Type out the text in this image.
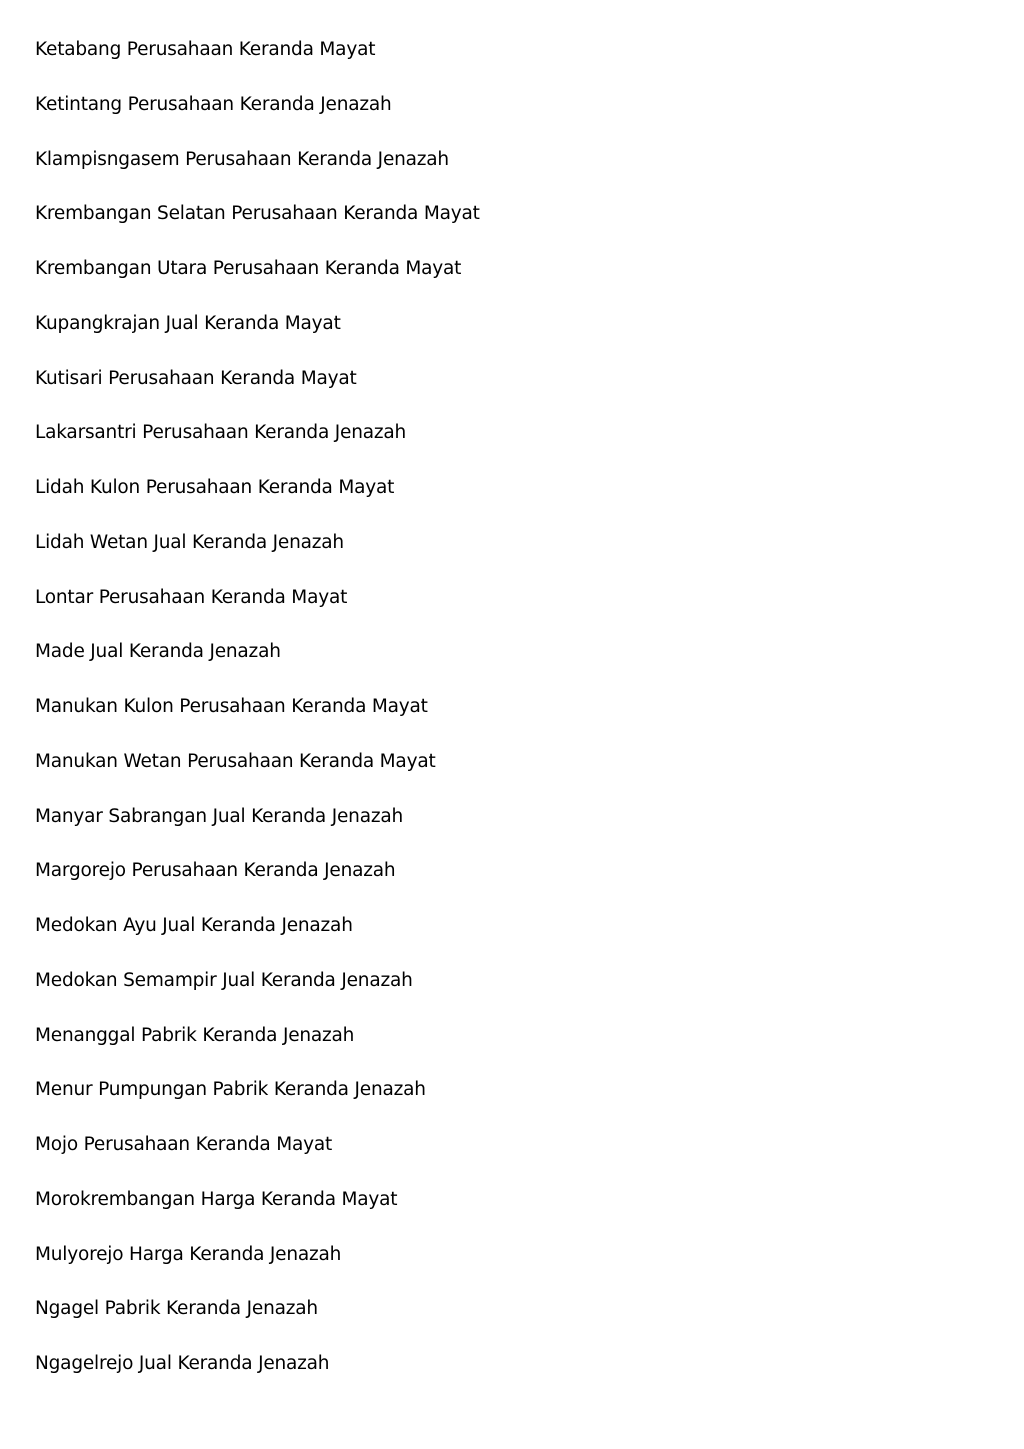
Ketabang Perusahaan Keranda Mayat
Ketintang Perusahaan Keranda Jenazah
Klampisngasem Perusahaan Keranda Jenazah
Krembangan Selatan Perusahaan Keranda Mayat
Krembangan Utara Perusahaan Keranda Mayat
Kupangkrajan Jual Keranda Mayat
Kutisari Perusahaan Keranda Mayat
Lakarsantri Perusahaan Keranda Jenazah
Lidah Kulon Perusahaan Keranda Mayat
Lidah Wetan Jual Keranda Jenazah
Lontar Perusahaan Keranda Mayat
Made Jual Keranda Jenazah
Manukan Kulon Perusahaan Keranda Mayat
Manukan Wetan Perusahaan Keranda Mayat
Manyar Sabrangan Jual Keranda Jenazah
Margorejo Perusahaan Keranda Jenazah
Medokan Ayu Jual Keranda Jenazah
Medokan Semampir Jual Keranda Jenazah
Menanggal Pabrik Keranda Jenazah
Menur Pumpungan Pabrik Keranda Jenazah
Mojo Perusahaan Keranda Mayat
Morokrembangan Harga Keranda Mayat
Mulyorejo Harga Keranda Jenazah
Ngagel Pabrik Keranda Jenazah
Ngagelrejo Jual Keranda Jenazah
